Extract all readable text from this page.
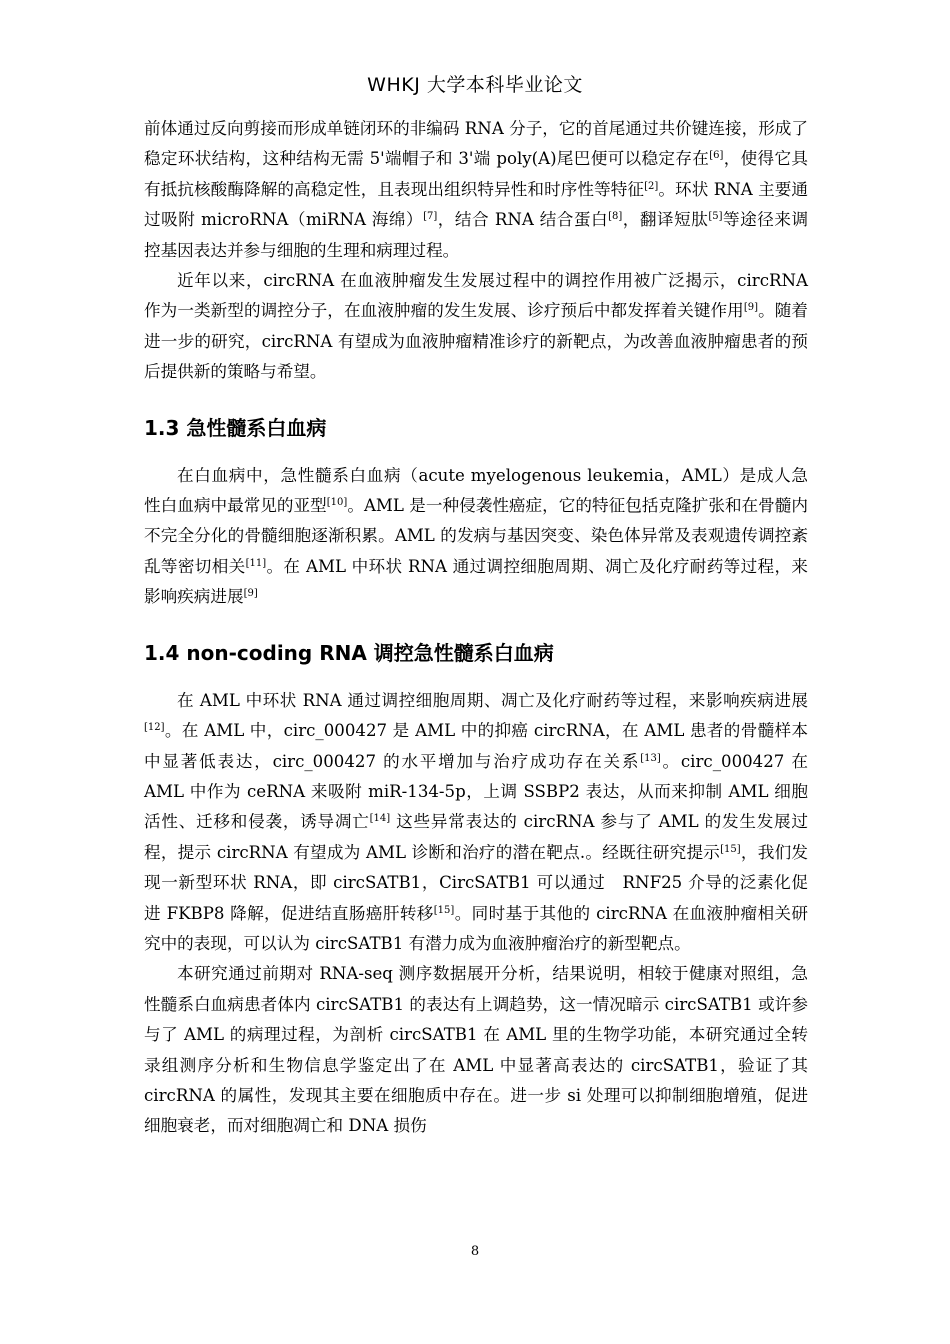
WHKJ 大学本科毕业论文

前体通过反向剪接而形成单链闭环的非编码 RNA 分子，它的首尾通过共价键连接，形成了稳定环状结构，这种结构无需 5'端帽子和 3'端 poly(A)尾巴便可以稳定存在[6]，使得它具有抵抗核酸酶降解的高稳定性，且表现出组织特异性和时序性等特征[2]。环状 RNA 主要通过吸附 microRNA（miRNA 海绵）[7]，结合 RNA 结合蛋白[8]，翻译短肽[5]等途径来调控基因表达并参与细胞的生理和病理过程。

近年以来，circRNA 在血液肿瘤发生发展过程中的调控作用被广泛揭示，circRNA 作为一类新型的调控分子，在血液肿瘤的发生发展、诊疗预后中都发挥着关键作用[9]。随着进一步的研究，circRNA 有望成为血液肿瘤精准诊疗的新靶点，为改善血液肿瘤患者的预后提供新的策略与希望。

1.3 急性髓系白血病

在白血病中，急性髓系白血病（acute myelogenous leukemia，AML）是成人急性白血病中最常见的亚型[10]。AML 是一种侵袭性癌症，它的特征包括克隆扩张和在骨髓内不完全分化的骨髓细胞逐渐积累。AML 的发病与基因突变、染色体异常及表观遗传调控紊乱等密切相关[11]。在 AML 中环状 RNA 通过调控细胞周期、凋亡及化疗耐药等过程，来影响疾病进展[9]

1.4 non-coding RNA 调控急性髓系白血病

在 AML 中环状 RNA 通过调控细胞周期、凋亡及化疗耐药等过程，来影响疾病进展[12]。在 AML 中，circ_000427 是 AML 中的抑癌 circRNA，在 AML 患者的骨髓样本中显著低表达，circ_000427 的水平增加与治疗成功存在关系[13]。circ_000427 在 AML 中作为 ceRNA 来吸附 miR-134-5p，上调 SSBP2 表达，从而来抑制 AML 细胞活性、迁移和侵袭，诱导凋亡[14] 这些异常表达的 circRNA 参与了 AML 的发生发展过程，提示 circRNA 有望成为 AML 诊断和治疗的潜在靶点.。经既往研究提示[15]，我们发现一新型环状 RNA，即 circSATB1，CircSATB1 可以通过　RNF25 介导的泛素化促进 FKBP8 降解，促进结直肠癌肝转移[15]。同时基于其他的 circRNA 在血液肿瘤相关研究中的表现，可以认为 circSATB1 有潜力成为血液肿瘤治疗的新型靶点。

本研究通过前期对 RNA-seq 测序数据展开分析，结果说明，相较于健康对照组，急性髓系白血病患者体内 circSATB1 的表达有上调趋势，这一情况暗示 circSATB1 或许参与了 AML 的病理过程，为剖析 circSATB1 在 AML 里的生物学功能，本研究通过全转录组测序分析和生物信息学鉴定出了在 AML 中显著高表达的 circSATB1，验证了其 circRNA 的属性，发现其主要在细胞质中存在。进一步 si 处理可以抑制细胞增殖，促进细胞衰老，而对细胞凋亡和 DNA 损伤

8
